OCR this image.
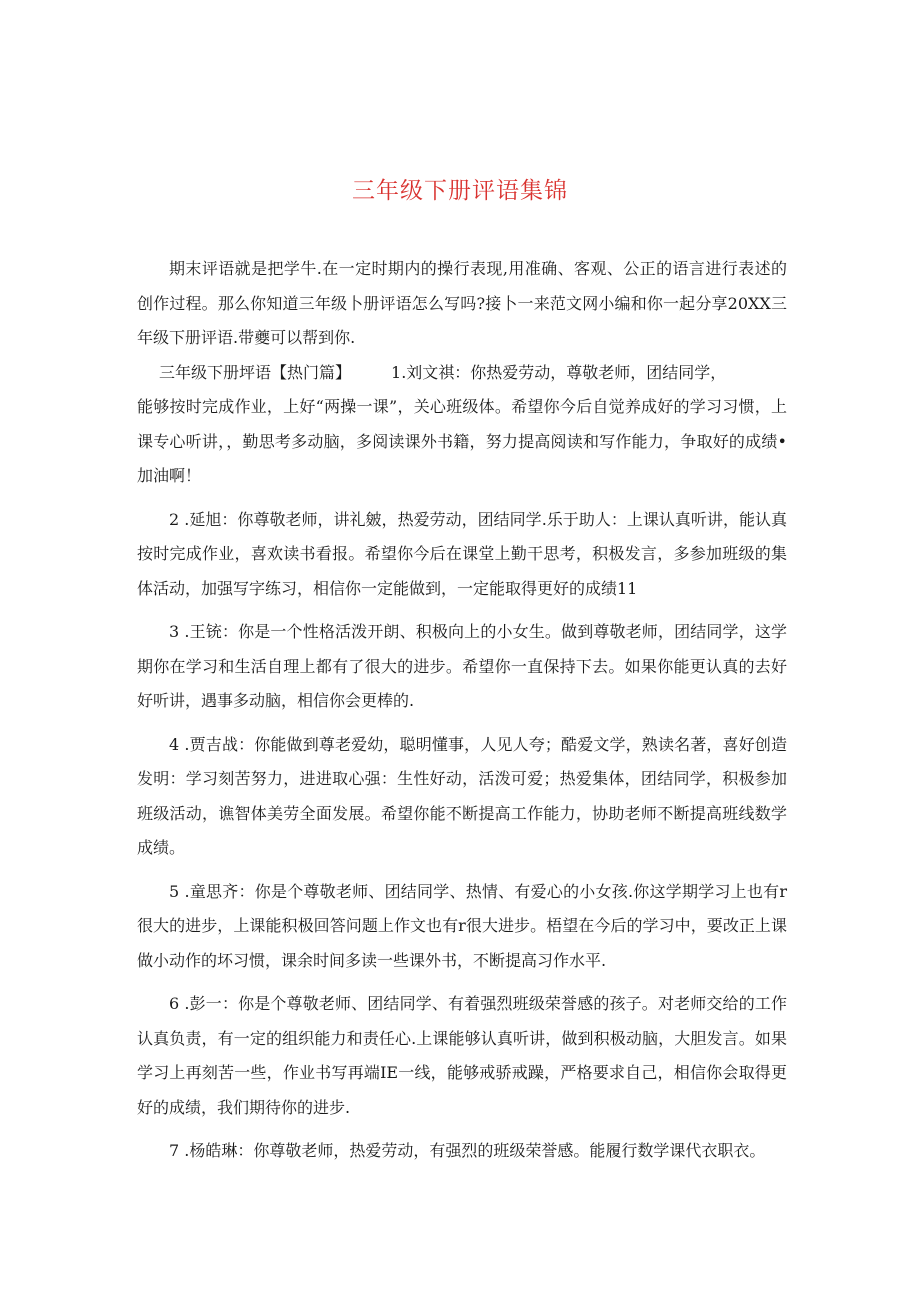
三年级下册评语集锦

期末评语就是把学牛.在一定时期内的操行表现,用准确、客观、公正的语言进行表述的创作过程。那么你知道三年级卜册评语怎么写吗?接卜一来范文网小编和你一起分享20XX三年级下册评语.带夔可以帮到你.

三年级下册坪语【热门篇】	1.刘文祺：你热爱劳动，尊敬老师，团结同学，

能够按时完成作业，上好“两操一课”，关心班级体。希望你今后自觉养成好的学习习惯，上课专心听讲，，勤思考多动脑，多阅读课外书籍，努力提高阅读和写作能力，争取好的成绩•加油啊！

2 .延旭：你尊敬老师，讲礼皴，热爱劳动，团结同学.乐于助人：上课认真听讲，能认真按时完成作业，喜欢读书看报。希望你今后在课堂上勤干思考，积极发言，多参加班级的集体活动，加强写字练习，相信你一定能做到，一定能取得更好的成绩11

3 .王铳：你是一个性格活泼开朗、积极向上的小女生。做到尊敬老师，团结同学，这学期你在学习和生活自理上都有了很大的进步。希望你一直保持下去。如果你能更认真的去好好听讲，遇事多动脑，相信你会更棒的.

4 .贾吉战：你能做到尊老爱幼，聪明懂事，人见人夸；酷爱文学，熟读名著，喜好创造发明：学习刻苦努力，进进取心强：生性好动，活泼可爱；热爱集体，团结同学，积极参加班级活动，谯智体美劳全面发展。希望你能不断提高工作能力，协助老师不断提高班线数学成绩。

5 .童思齐：你是个尊敬老师、团结同学、热情、有爱心的小女孩.你这学期学习上也有r很大的进步，上课能积极回答问题上作文也有r很大进步。梧望在今后的学习中，要改正上课做小动作的坏习惯，课余时间多读一些课外书，不断提高习作水平.

6 .彭一：你是个尊敬老师、团结同学、有着强烈班级荣誉感的孩子。对老师交给的工作认真负责，有一定的组织能力和责任心.上课能够认真听讲，做到积极动脑，大胆发言。如果学习上再刻苦一些，作业书写再端IE一线，能够戒骄戒躁，严格要求自己，相信你会取得更好的成绩，我们期待你的进步.

7 .杨皓琳：你尊敬老师，热爱劳动，有强烈的班级荣誉感。能履行数学课代衣职衣。
